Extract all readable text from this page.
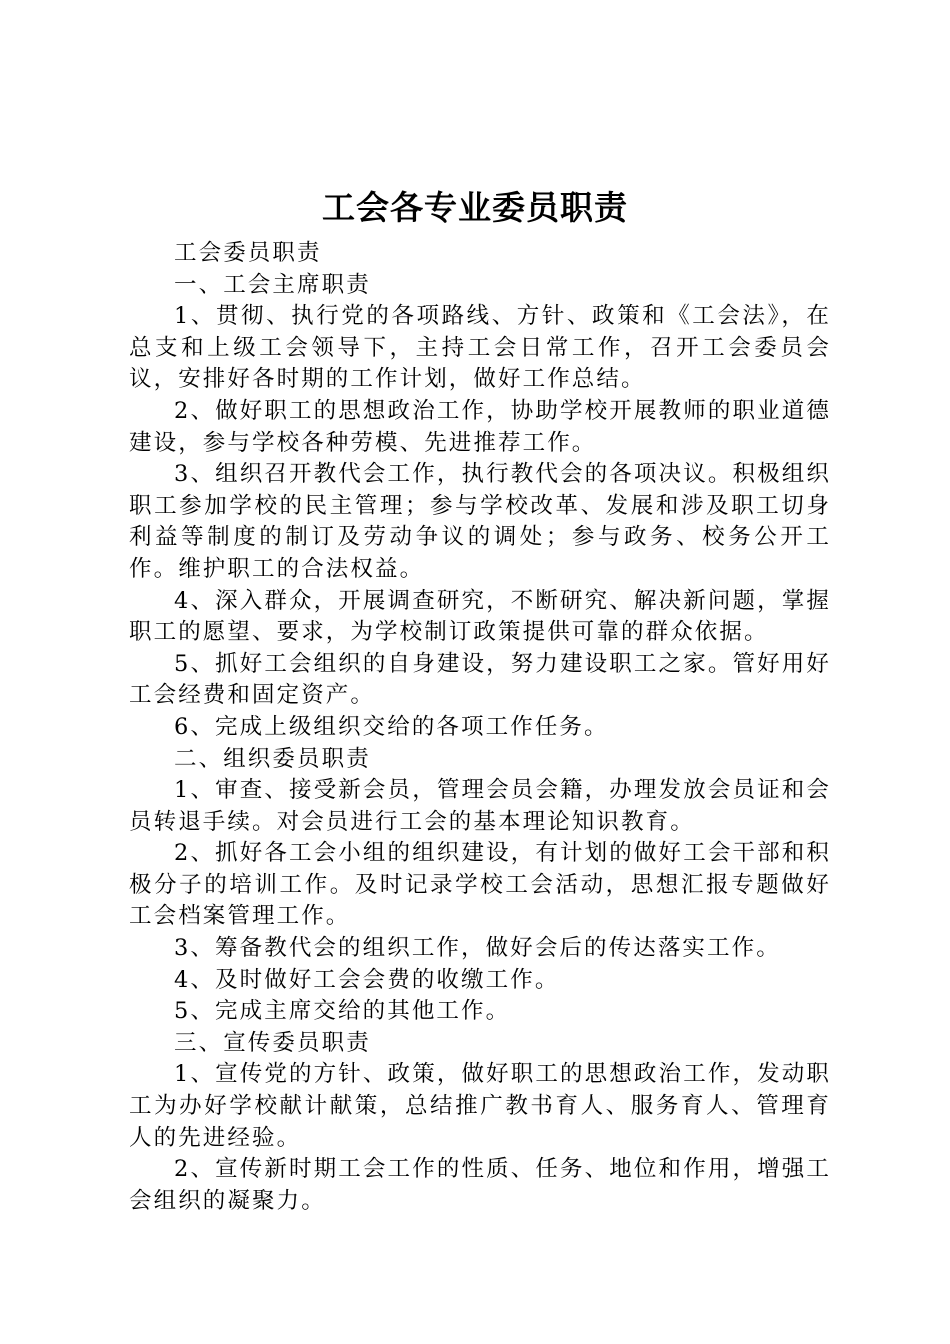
工会各专业委员职责

工会委员职责

一、工会主席职责

1、贯彻、执行党的各项路线、方针、政策和《工会法》，在总支和上级工会领导下，主持工会日常工作，召开工会委员会议，安排好各时期的工作计划，做好工作总结。

2、做好职工的思想政治工作，协助学校开展教师的职业道德建设，参与学校各种劳模、先进推荐工作。

3、组织召开教代会工作，执行教代会的各项决议。积极组织职工参加学校的民主管理；参与学校改革、发展和涉及职工切身利益等制度的制订及劳动争议的调处；参与政务、校务公开工作。维护职工的合法权益。

4、深入群众，开展调查研究，不断研究、解决新问题，掌握职工的愿望、要求，为学校制订政策提供可靠的群众依据。

5、抓好工会组织的自身建设，努力建设职工之家。管好用好工会经费和固定资产。

6、完成上级组织交给的各项工作任务。

二、组织委员职责

1、审查、接受新会员，管理会员会籍，办理发放会员证和会员转退手续。对会员进行工会的基本理论知识教育。

2、抓好各工会小组的组织建设，有计划的做好工会干部和积极分子的培训工作。及时记录学校工会活动，思想汇报专题做好工会档案管理工作。

3、筹备教代会的组织工作，做好会后的传达落实工作。

4、及时做好工会会费的收缴工作。

5、完成主席交给的其他工作。

三、宣传委员职责

1、宣传党的方针、政策，做好职工的思想政治工作，发动职工为办好学校献计献策，总结推广教书育人、服务育人、管理育人的先进经验。

2、宣传新时期工会工作的性质、任务、地位和作用，增强工会组织的凝聚力。
